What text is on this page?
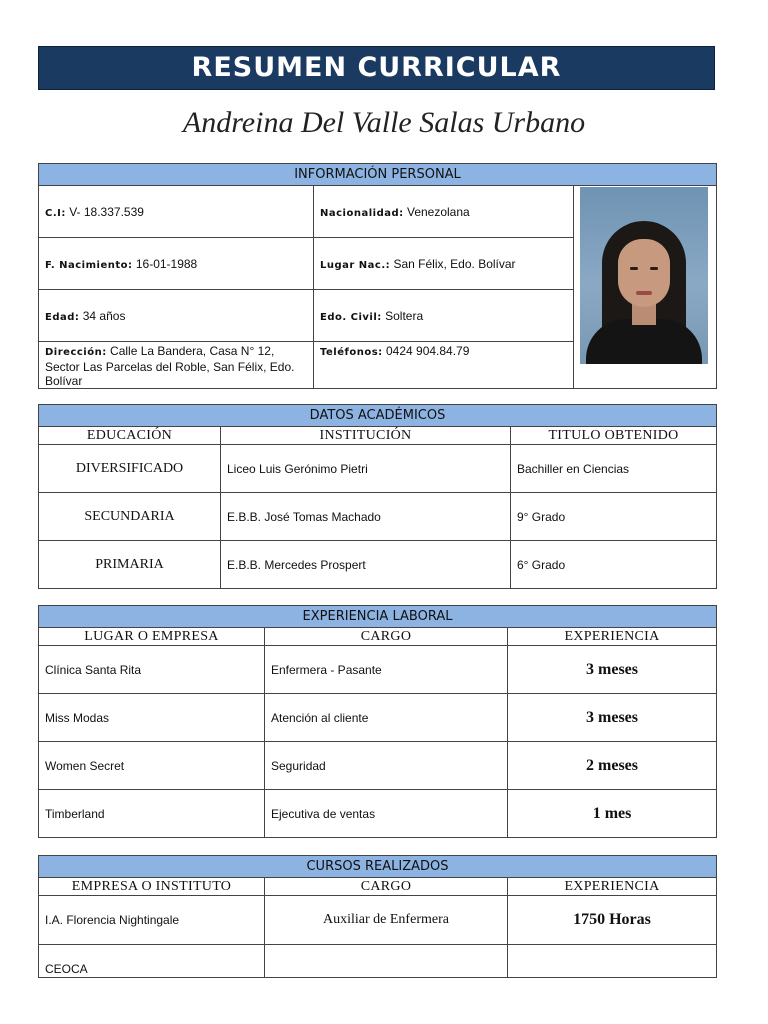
RESUMEN CURRICULAR
Andreina Del Valle Salas Urbano
INFORMACIÓN PERSONAL		
C.I: V- 18.337.539	Nacionalidad: Venezolana	

F. Nacimiento: 16-01-1988	Lugar Nac.: San Félix, Edo. Bolívar	
Edad: 34 años	Edo. Civil: Soltera	
Dirección: Calle La Bandera, Casa N° 12, Sector Las Parcelas del Roble, San Félix, Edo. Bolívar	Teléfonos: 0424 904.84.79	
DATOS ACADÉMICOS		
EDUCACIÓN	INSTITUCIÓN	TITULO OBTENIDO
DIVERSIFICADO	Liceo Luis Gerónimo Pietri	Bachiller en Ciencias
SECUNDARIA	E.B.B. José Tomas Machado	9° Grado
PRIMARIA	E.B.B. Mercedes Prospert	6° Grado
EXPERIENCIA LABORAL		
LUGAR O EMPRESA	CARGO	EXPERIENCIA
Clínica Santa Rita	Enfermera - Pasante	3 meses
Miss Modas	Atención al cliente	3 meses
Women Secret	Seguridad	2 meses
Timberland	Ejecutiva de ventas	1 mes
CURSOS REALIZADOS		
EMPRESA O INSTITUTO	CARGO	EXPERIENCIA
I.A. Florencia Nightingale	Auxiliar de Enfermera	1750 Horas
CEOCA		
